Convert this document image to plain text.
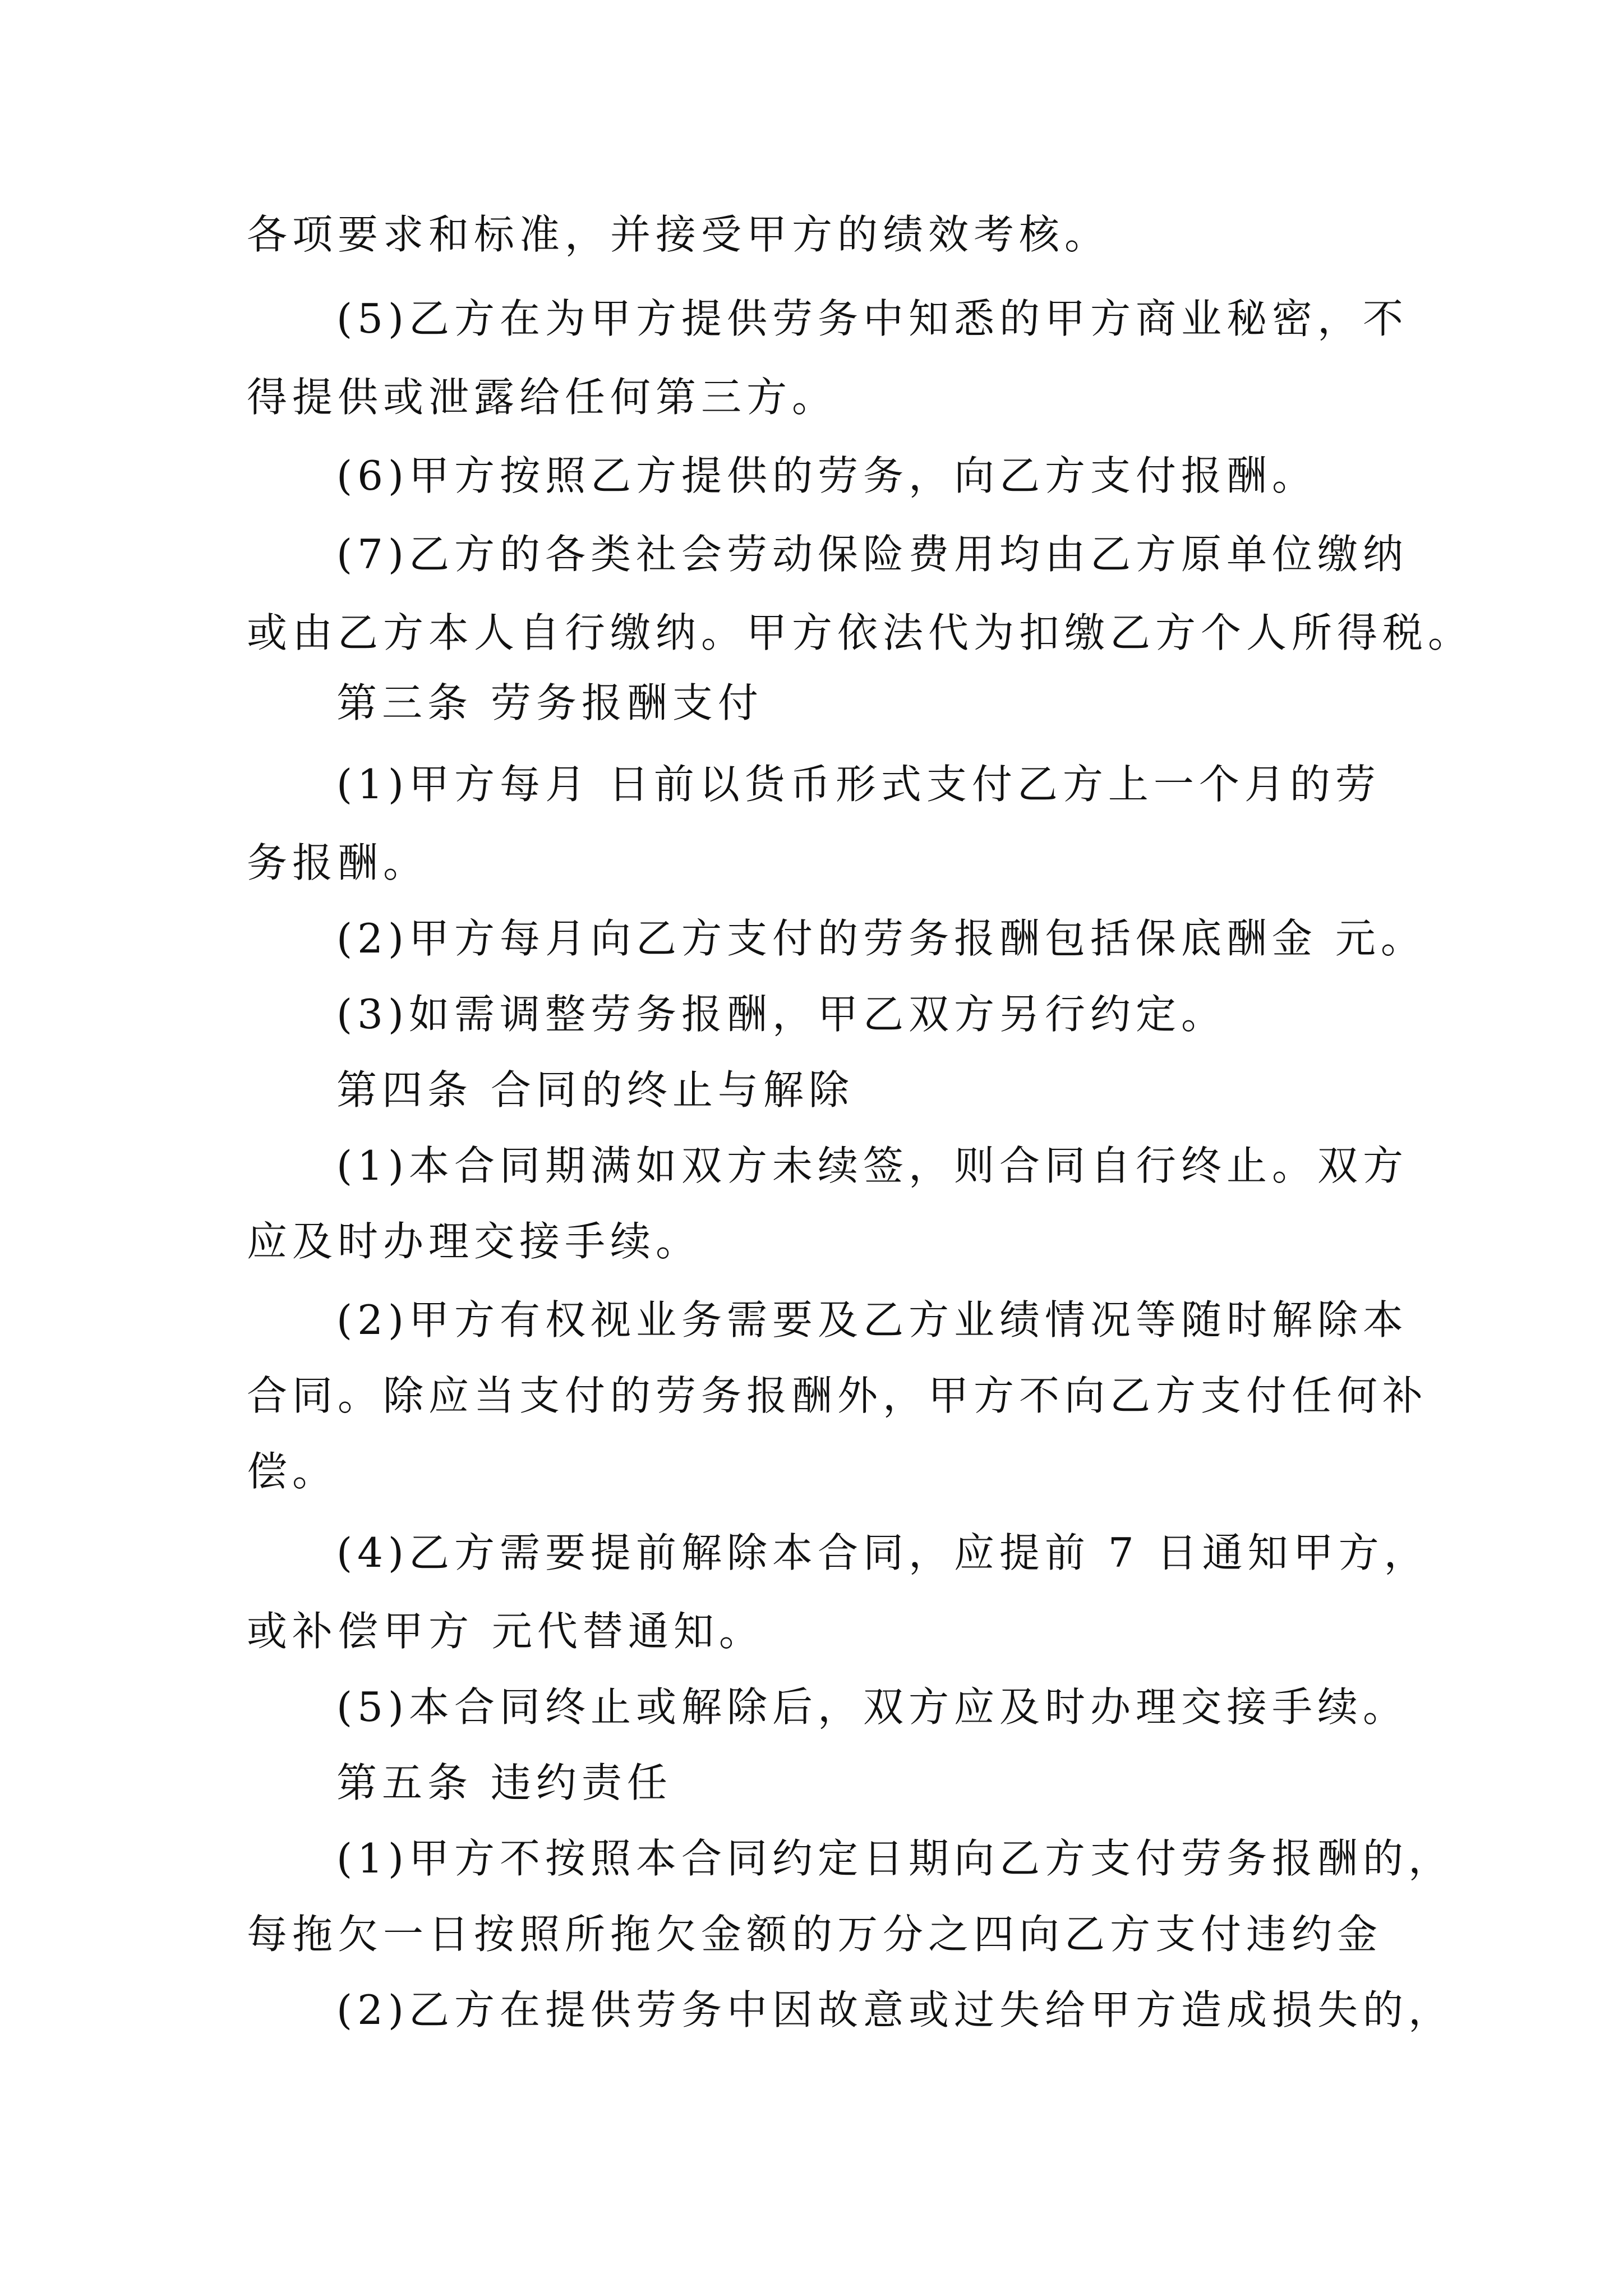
各项要求和标准，并接受甲方的绩效考核。
(5)乙方在为甲方提供劳务中知悉的甲方商业秘密，不
得提供或泄露给任何第三方。
(6)甲方按照乙方提供的劳务，向乙方支付报酬。
(7)乙方的各类社会劳动保险费用均由乙方原单位缴纳
或由乙方本人自行缴纳。甲方依法代为扣缴乙方个人所得税。
第三条 劳务报酬支付
(1)甲方每月 日前以货币形式支付乙方上一个月的劳
务报酬。
(2)甲方每月向乙方支付的劳务报酬包括保底酬金 元。
(3)如需调整劳务报酬，甲乙双方另行约定。
第四条 合同的终止与解除
(1)本合同期满如双方未续签，则合同自行终止。双方
应及时办理交接手续。
(2)甲方有权视业务需要及乙方业绩情况等随时解除本
合同。除应当支付的劳务报酬外，甲方不向乙方支付任何补
偿。
(4)乙方需要提前解除本合同，应提前 7 日通知甲方，
或补偿甲方 元代替通知。
(5)本合同终止或解除后，双方应及时办理交接手续。
第五条 违约责任
(1)甲方不按照本合同约定日期向乙方支付劳务报酬的，
每拖欠一日按照所拖欠金额的万分之四向乙方支付违约金
(2)乙方在提供劳务中因故意或过失给甲方造成损失的，
